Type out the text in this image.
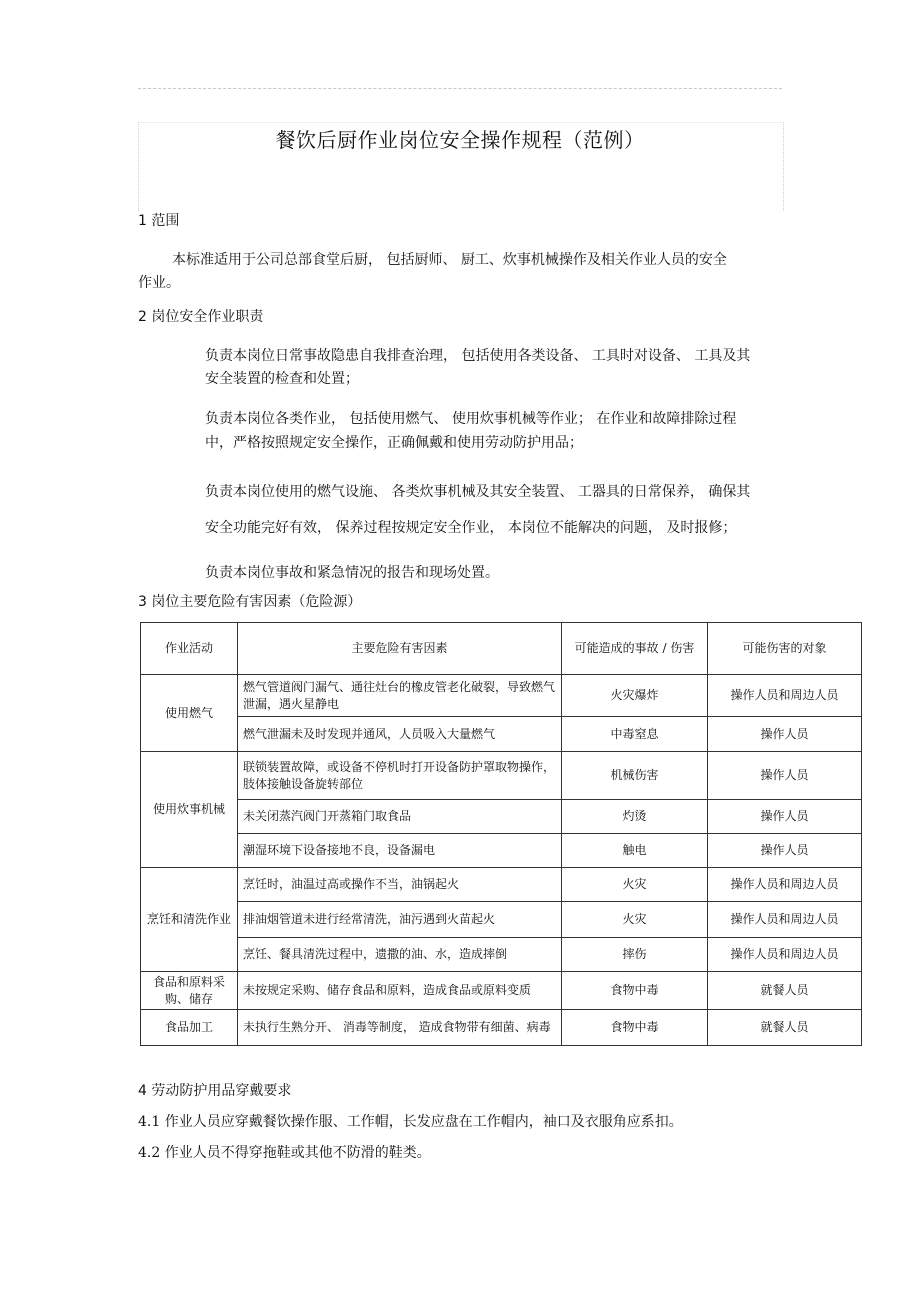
餐饮后厨作业岗位安全操作规程（范例）
1 范围
本标准适用于公司总部食堂后厨， 包括厨师、 厨工、炊事机械操作及相关作业人员的安全
作业。
2 岗位安全作业职责
负责本岗位日常事故隐患自我排查治理， 包括使用各类设备、 工具时对设备、 工具及其
安全装置的检查和处置；
负责本岗位各类作业， 包括使用燃气、 使用炊事机械等作业； 在作业和故障排除过程
中，严格按照规定安全操作，正确佩戴和使用劳动防护用品；
负责本岗位使用的燃气设施、 各类炊事机械及其安全装置、 工器具的日常保养， 确保其
安全功能完好有效， 保养过程按规定安全作业， 本岗位不能解决的问题， 及时报修；
负责本岗位事故和紧急情况的报告和现场处置。
3 岗位主要危险有害因素（危险源）
作业活动	主要危险有害因素	可能造成的事故 / 伤害	可能伤害的对象
使用燃气	燃气管道阀门漏气、通往灶台的橡皮管老化破裂，导致燃气泄漏，遇火星静电	火灾爆炸	操作人员和周边人员
	燃气泄漏未及时发现并通风，人员吸入大量燃气	中毒窒息	操作人员
使用炊事机械	联锁装置故障，或设备不停机时打开设备防护罩取物操作，肢体接触设备旋转部位	机械伤害	操作人员
	未关闭蒸汽阀门开蒸箱门取食品	灼烫	操作人员
	潮湿环境下设备接地不良，设备漏电	触电	操作人员
烹饪和清洗作业	烹饪时，油温过高或操作不当，油锅起火	火灾	操作人员和周边人员
	排油烟管道未进行经常清洗，油污遇到火苗起火	火灾	操作人员和周边人员
	烹饪、餐具清洗过程中，遗撒的油、水，造成摔倒	摔伤	操作人员和周边人员
食品和原料采购、储存	未按规定采购、储存食品和原料，造成食品或原料变质	食物中毒	就餐人员
食品加工	未执行生熟分开、 消毒等制度， 造成食物带有细菌、病毒	食物中毒	就餐人员
4 劳动防护用品穿戴要求
4.1 作业人员应穿戴餐饮操作服、工作帽，长发应盘在工作帽内，袖口及衣服角应系扣。
4.2 作业人员不得穿拖鞋或其他不防滑的鞋类。
